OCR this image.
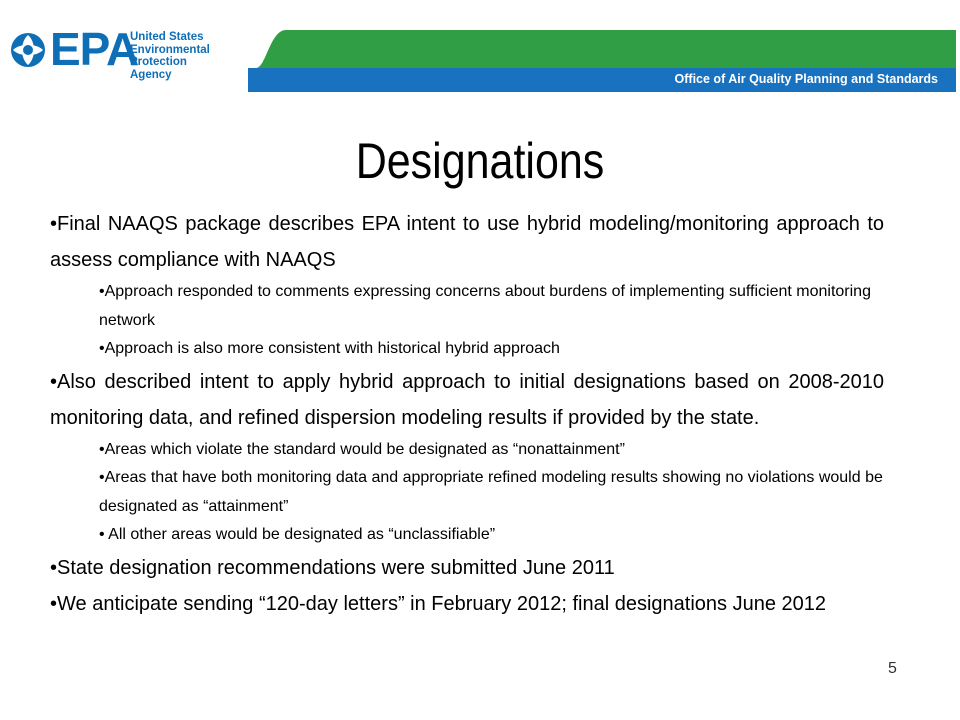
EPA
United States
Environmental Protection
Agency	Office of Air Quality Planning and Standards
Designations

•Final NAAQS package describes EPA intent to use hybrid modeling/monitoring approach to assess compliance with NAAQS

•Approach responded to comments expressing concerns about burdens of implementing sufficient monitoring network

•Approach is also more consistent with historical hybrid approach

•Also described intent to apply hybrid approach to initial designations based on 2008-2010 monitoring data, and refined dispersion modeling results if provided by the state.

•Areas which violate the standard would be designated as “nonattainment”

•Areas that have both monitoring data and appropriate refined modeling results showing no violations would be designated as “attainment”

• All other areas would be designated as “unclassifiable”

•State designation recommendations were submitted June 2011

•We anticipate sending “120-day letters” in February 2012; final designations June 2012

5
